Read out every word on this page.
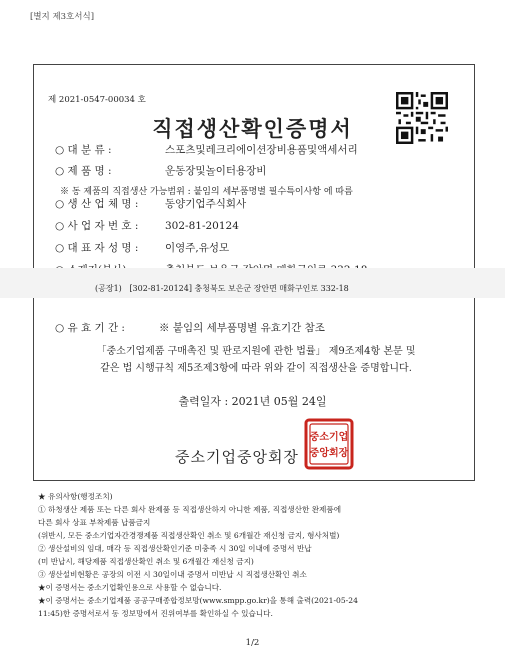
[별지 제3호서식]
제 2021-0547-00034 호
직접생산확인증명서
○ 대 분 류 :	스포츠및레크리에이션장비용품및액세서리
○ 제 품 명 :	운동장및놀이터용장비
※ 동 제품의 직접생산 가능범위 : 붙임의 세부품명별 필수특이사항 에 따름
○ 생 산 업 체 명 :	동양기업주식회사
○ 사 업 자 번 호 :	302-81-20124
○ 대 표 자 성 명 :	이영주,유성모
(공장1) [302-81-20124] 충청북도 보은군 장안면 매화구인로 332-18
○ 유 효 기 간 :	※ 붙임의 세부품명별 유효기간 참조
「중소기업제품 구매촉진 및 판로지원에 관한 법률」 제9조제4항 본문 및
같은 법 시행규칙 제5조제3항에 따라 위와 같이 직접생산을 증명합니다.
출력일자 : 2021년 05월 24일
중소기업
중앙회장
중소기업중앙회장
★ 유의사항(행정조치)
① 하청생산 제품 또는 다른 회사 완제품 등 직접생산하지 아니한 제품, 직접생산한 완제품에
다른 회사 상표 부착제품 납품금지
(위반시, 모든 중소기업자간경쟁제품 직접생산확인 취소 및 6개월간 재신청 금지, 형사처벌)
② 생산설비의 임대, 매각 등 직접생산확인기준 미충족 시 30일 이내에 증명서 반납
(미 반납시, 해당제품 직접생산확인 취소 및 6개월간 재신청 금지)
③ 생산설비현황은 공장의 이전 시 30일이내 증명서 미반납 시 직접생산확인 취소
★이 증명서는 중소기업확인용으로 사용할 수 없습니다.
★이 증명서는 중소기업제품 공공구매종합정보망(www.smpp.go.kr)을 통해 출력(2021-05-24
11:45)한 증명서로서 동 정보망에서 진위여부를 확인하실 수 있습니다.
1/2
